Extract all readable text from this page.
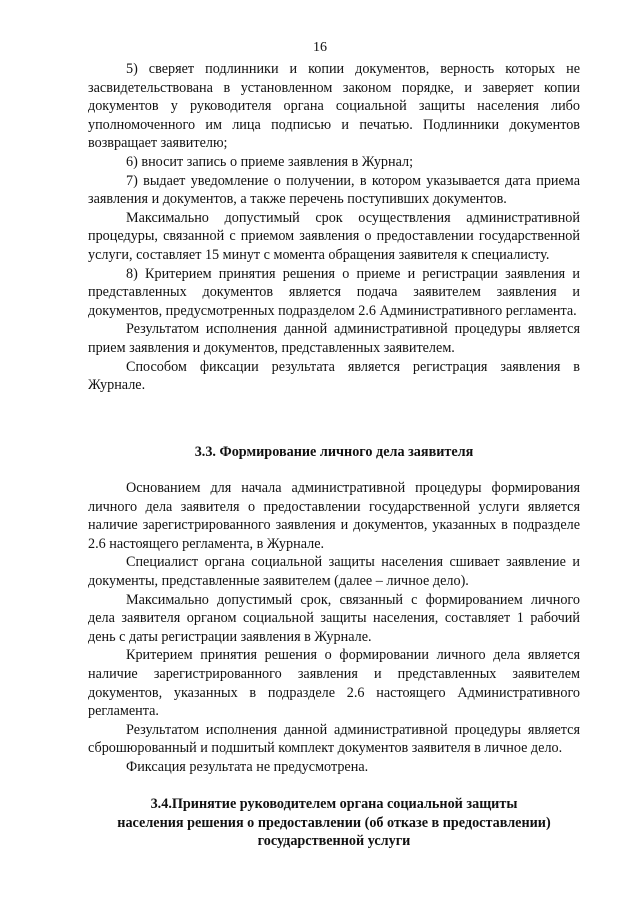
16

5) сверяет подлинники и копии документов, верность которых не засвидетельствована в установленном законом порядке, и заверяет копии документов у руководителя органа социальной защиты населения либо уполномоченного им лица подписью и печатью. Подлинники документов возвращает заявителю;

6) вносит запись о приеме заявления в Журнал;

7) выдает уведомление о получении, в котором указывается дата приема заявления и документов, а также перечень поступивших документов.

Максимально допустимый срок осуществления административной процедуры, связанной с приемом заявления о предоставлении государственной услуги, составляет 15 минут с момента обращения заявителя к специалисту.

8) Критерием принятия решения о приеме и регистрации заявления и представленных документов является подача заявителем заявления и документов, предусмотренных подразделом 2.6 Административного регламента.

Результатом исполнения данной административной процедуры является прием заявления и документов, представленных заявителем.

Способом фиксации результата является регистрация заявления в Журнале.

3.3. Формирование личного дела заявителя

Основанием для начала административной процедуры формирования личного дела заявителя о предоставлении государственной услуги является наличие зарегистрированного заявления и документов, указанных в подразделе 2.6 настоящего регламента, в Журнале.

Специалист органа социальной защиты населения сшивает заявление и документы, представленные заявителем (далее – личное дело).

Максимально допустимый срок, связанный с формированием личного дела заявителя органом социальной защиты населения, составляет 1 рабочий день с даты регистрации заявления в Журнале.

Критерием принятия решения о формировании личного дела является наличие зарегистрированного заявления и представленных заявителем документов, указанных в подразделе 2.6 настоящего Административного регламента.

Результатом исполнения данной административной процедуры является сброшюрованный и подшитый комплект документов заявителя в личное дело.

Фиксация результата не предусмотрена.

3.4.Принятие руководителем органа социальной защиты
населения решения о предоставлении (об отказе в предоставлении)
государственной услуги
